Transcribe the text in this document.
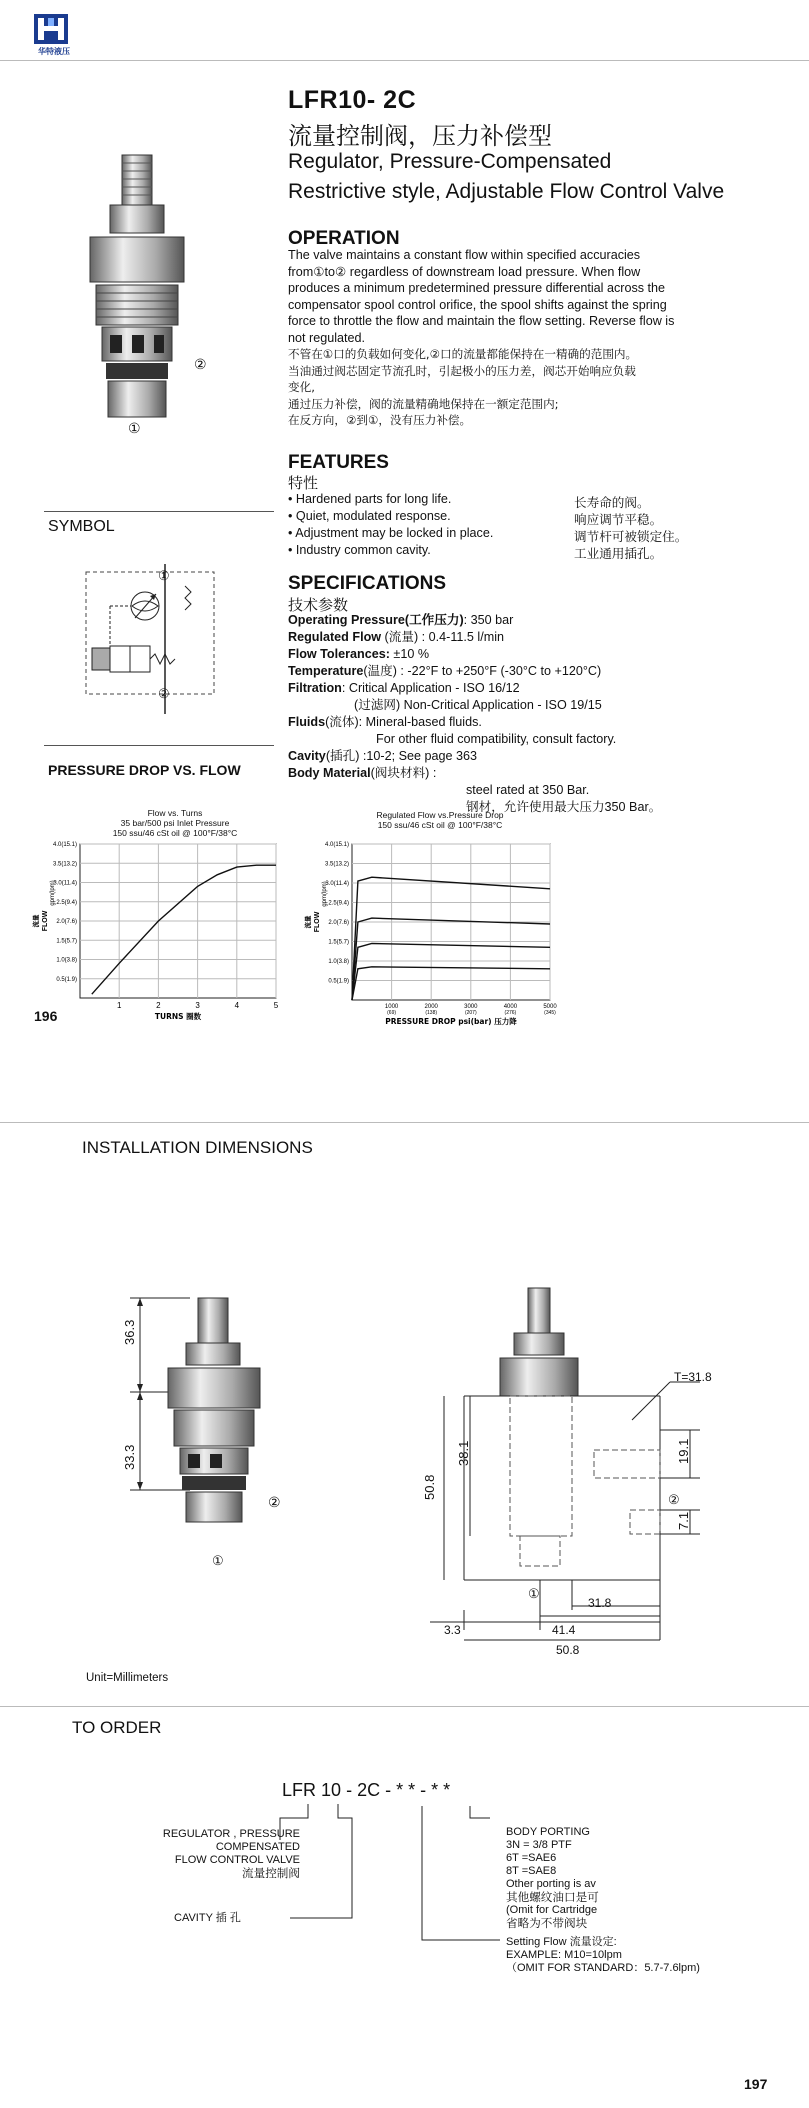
华特液压
LFR10- 2C
流量控制阀，压力补偿型
Regulator, Pressure-Compensated
Restrictive style, Adjustable Flow Control Valve
②
①
OPERATION
The valve maintains a constant flow within specified accuracies
from①to② regardless of downstream load pressure. When flow
produces a minimum predetermined pressure differential across the
compensator spool control orifice, the spool shifts against the spring
force to throttle the flow and maintain the flow setting. Reverse flow is
not regulated.
不管在①口的负载如何变化,②口的流量都能保持在一精确的范围内。
当油通过阀芯固定节流孔时，引起极小的压力差，阀芯开始响应负载
变化,
通过压力补偿，阀的流量精确地保持在一额定范围内;
在反方向，②到①，没有压力补偿。
FEATURES
特性
• Hardened parts for long life.
• Quiet, modulated response.
• Adjustment may be locked in place.
• Industry common cavity.
长寿命的阀。
响应调节平稳。
调节杆可被锁定住。
工业通用插孔。
SYMBOL
①
②
SPECIFICATIONS
技术参数
Operating Pressure(工作压力): 350 bar
Regulated Flow (流量) : 0.4-11.5 l/min
Flow Tolerances: ±10 %
Temperature(温度) : -22°F to +250°F (-30°C to +120°C)
Filtration: Critical Application - ISO 16/12
(过滤网) Non-Critical Application - ISO 19/15
Fluids(流体): Mineral-based fluids.
For other fluid compatibility, consult factory.
Cavity(插孔) :10-2; See page 363
Body Material(阀块材料) :
steel rated at 350 Bar.
钢材，允许使用最大压力350 Bar。
PRESSURE DROP VS. FLOW
Flow vs. Turns
35 bar/500 psi Inlet Pressure
150 ssu/46 cSt oil @ 100°F/38°C
0.5(1.9)
1.0(3.8)
1.5(5.7)
2.0(7.6)
2.5(9.4)
3.0(11.4)
3.5(13.2)
4.0(15.1)
1	2	3	4	5
TURNS 圈数
FLOW
gpm(lpm)
流量
Regulated Flow vs.Pressure Drop
150 ssu/46 cSt oil @ 100°F/38°C
0.5(1.9)
1.0(3.8)
1.5(5.7)
2.0(7.6)
2.5(9.4)
3.0(11.4)
3.5(13.2)
4.0(15.1)
1000
(69)
2000
(138)
3000
(207)
4000
(276)
5000
(345)
PRESSURE DROP psi(bar) 压力降
FLOW
gpm(lpm)
流量
196
INSTALLATION DIMENSIONS
36.3
33.3
②
①
T=31.8
50.8
38.1	19.1
7.1
②
①
31.8
3.3	41.4
50.8
Unit=Millimeters
TO ORDER
LFR 10 - 2C - * * - * *
REGULATOR , PRESSURE
COMPENSATED
FLOW CONTROL VALVE
流量控制阀
CAVITY 插 孔
BODY PORTING
3N = 3/8 PTF
6T =SAE6
8T =SAE8
Other porting is av
其他螺纹油口是可
(Omit for Cartridge
省略为不带阀块
Setting Flow 流量设定:
EXAMPLE: M10=10lpm
（OMIT FOR STANDARD：5.7-7.6lpm)
197
